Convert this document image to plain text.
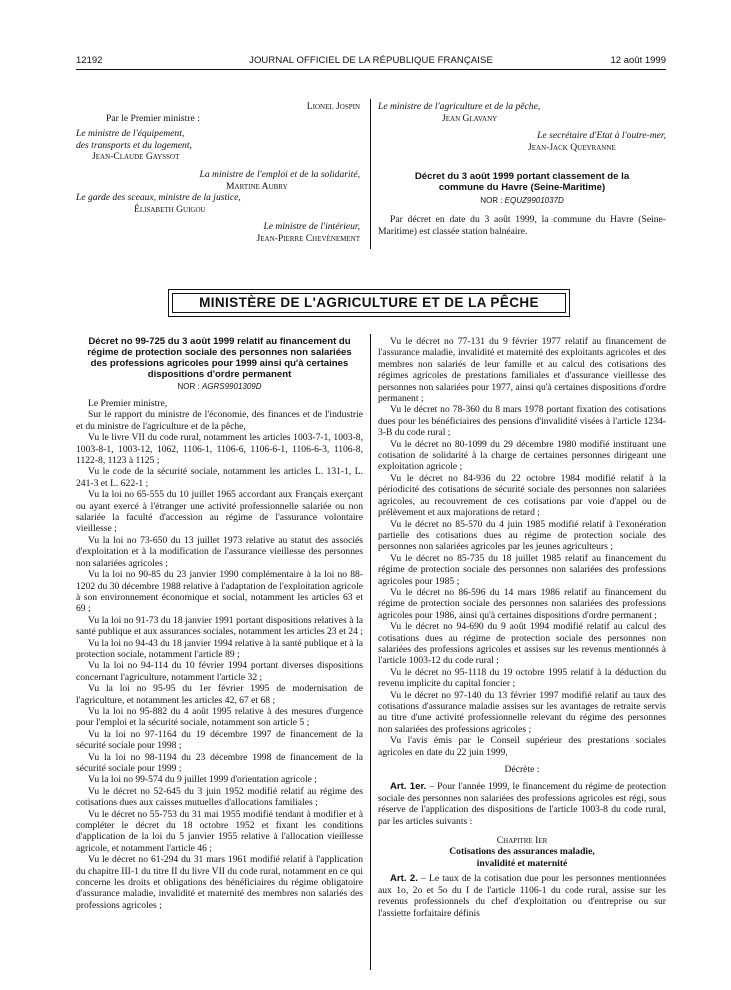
12192	JOURNAL OFFICIEL DE LA RÉPUBLIQUE FRANÇAISE	12 août 1999
Lionel Jospin
Par le Premier ministre :
Le ministre de l'équipement,
des transports et du logement,
Jean-Claude Gayssot
La ministre de l'emploi et de la solidarité,
Martine Aubry
Le garde des sceaux, ministre de la justice,
Élisabeth Guigou
Le ministre de l'intérieur,
Jean-Pierre Chevènement
Le ministre de l'agriculture et de la pêche,
Jean Glavany
Le secrétaire d'Etat à l'outre-mer,
Jean-Jack Queyranne
Décret du 3 août 1999 portant classement de la commune du Havre (Seine-Maritime)
NOR : EQUZ9901037D

Par décret en date du 3 août 1999, la commune du Havre (Seine-Maritime) est classée station balnéaire.

MINISTÈRE DE L'AGRICULTURE ET DE LA PÊCHE
Décret no 99-725 du 3 août 1999 relatif au financement du régime de protection sociale des personnes non salariées des professions agricoles pour 1999 ainsi qu'à certaines dispositions d'ordre permanent
NOR : AGRS9901309D

Le Premier ministre,

Sur le rapport du ministre de l'économie, des finances et de l'industrie et du ministre de l'agriculture et de la pêche,

Vu le livre VII du code rural, notamment les articles 1003-7-1, 1003-8, 1003-8-1, 1003-12, 1062, 1106-1, 1106-6, 1106-6-1, 1106-6-3, 1106-8, 1122-8, 1123 à 1125 ;

Vu le code de la sécurité sociale, notamment les articles L. 131-1, L. 241-3 et L. 622-1 ;

Vu la loi no 65-555 du 10 juillet 1965 accordant aux Français exerçant ou ayant exercé à l'étranger une activité professionnelle salariée ou non salariée la faculté d'accession au régime de l'assurance volontaire vieillesse ;

Vu la loi no 73-650 du 13 juillet 1973 relative au statut des associés d'exploitation et à la modification de l'assurance vieillesse des personnes non salariées agricoles ;

Vu la loi no 90-85 du 23 janvier 1990 complémentaire à la loi no 88-1202 du 30 décembre 1988 relative à l'adaptation de l'exploitation agricole à son environnement économique et social, notamment les articles 63 et 69 ;

Vu la loi no 91-73 du 18 janvier 1991 portant dispositions relatives à la santé publique et aux assurances sociales, notamment les articles 23 et 24 ;

Vu la loi no 94-43 du 18 janvier 1994 relative à la santé publique et à la protection sociale, notamment l'article 89 ;

Vu la loi no 94-114 du 10 février 1994 portant diverses dispositions concernant l'agriculture, notamment l'article 32 ;

Vu la loi no 95-95 du 1er février 1995 de modernisation de l'agriculture, et notamment les articles 42, 67 et 68 ;

Vu la loi no 95-882 du 4 août 1995 relative à des mesures d'urgence pour l'emploi et la sécurité sociale, notamment son article 5 ;

Vu la loi no 97-1164 du 19 décembre 1997 de financement de la sécurité sociale pour 1998 ;

Vu la loi no 98-1194 du 23 décembre 1998 de financement de la sécurité sociale pour 1999 ;

Vu la loi no 99-574 du 9 juillet 1999 d'orientation agricole ;

Vu le décret no 52-645 du 3 juin 1952 modifié relatif au régime des cotisations dues aux caisses mutuelles d'allocations familiales ;

Vu le décret no 55-753 du 31 mai 1955 modifié tendant à modifier et à compléter le décret du 18 octobre 1952 et fixant les conditions d'application de la loi du 5 janvier 1955 relative à l'allocation vieillesse agricole, et notamment l'article 46 ;

Vu le décret no 61-294 du 31 mars 1961 modifié relatif à l'application du chapitre III-1 du titre II du livre VII du code rural, notamment en ce qui concerne les droits et obligations des bénéficiaires du régime obligatoire d'assurance maladie, invalidité et maternité des membres non salariés des professions agricoles ;

Vu le décret no 77-131 du 9 février 1977 relatif au financement de l'assurance maladie, invalidité et maternité des exploitants agricoles et des membres non salariés de leur famille et au calcul des cotisations des régimes agricoles de prestations familiales et d'assurance vieillesse des personnes non salariées pour 1977, ainsi qu'à certaines dispositions d'ordre permanent ;

Vu le décret no 78-360 du 8 mars 1978 portant fixation des cotisations dues pour les bénéficiaires des pensions d'invalidité visées à l'article 1234-3-B du code rural ;

Vu le décret no 80-1099 du 29 décembre 1980 modifié instituant une cotisation de solidarité à la charge de certaines personnes dirigeant une exploitation agricole ;

Vu le décret no 84-936 du 22 octobre 1984 modifié relatif à la périodicité des cotisations de sécurité sociale des personnes non salariées agricoles, au recouvrement de ces cotisations par voie d'appel ou de prélèvement et aux majorations de retard ;

Vu le décret no 85-570 du 4 juin 1985 modifié relatif à l'exonération partielle des cotisations dues au régime de protection sociale des personnes non salariées agricoles par les jeunes agriculteurs ;

Vu le décret no 85-735 du 18 juillet 1985 relatif au financement du régime de protection sociale des personnes non salariées des professions agricoles pour 1985 ;

Vu le décret no 86-596 du 14 mars 1986 relatif au financement du régime de protection sociale des personnes non salariées des professions agricoles pour 1986, ainsi qu'à certaines dispositions d'ordre permanent ;

Vu le décret no 94-690 du 9 août 1994 modifié relatif au calcul des cotisations dues au régime de protection sociale des personnes non salariées des professions agricoles et assises sur les revenus mentionnés à l'article 1003-12 du code rural ;

Vu le décret no 95-1118 du 19 octobre 1995 relatif à la déduction du revenu implicite du capital foncier ;

Vu le décret no 97-140 du 13 février 1997 modifié relatif au taux des cotisations d'assurance maladie assises sur les avantages de retraite servis au titre d'une activité professionnelle relevant du régime des personnes non salariées des professions agricoles ;

Vu l'avis émis par le Conseil supérieur des prestations sociales agricoles en date du 22 juin 1999,

Décrète :

Art. 1er. – Pour l'année 1999, le financement du régime de protection sociale des personnes non salariées des professions agricoles est régi, sous réserve de l'application des dispositions de l'article 1003-8 du code rural, par les articles suivants :

Chapitre Ier
Cotisations des assurances maladie, invalidité et maternité

Art. 2. – Le taux de la cotisation due pour les personnes mentionnées aux 1o, 2o et 5o du I de l'article 1106-1 du code rural, assise sur les revenus professionnels du chef d'exploitation ou d'entreprise ou sur l'assiette forfaitaire définis
